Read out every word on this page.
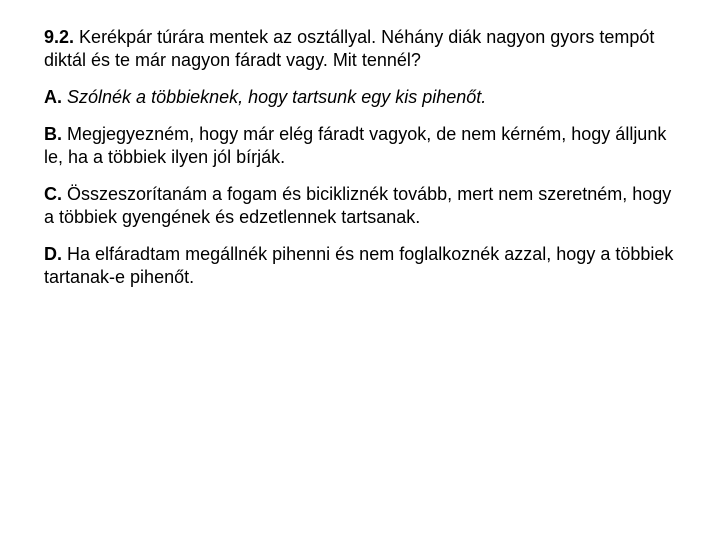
9.2. Kerékpár túrára mentek az osztállyal. Néhány diák nagyon gyors tempót diktál és te már nagyon fáradt vagy. Mit tennél?

A. Szólnék a többieknek, hogy tartsunk egy kis pihenőt.

B. Megjegyezném, hogy már elég fáradt vagyok, de nem kérném, hogy álljunk le, ha a többiek ilyen jól bírják.

C. Összeszorítanám a fogam és bicikliznék tovább, mert nem szeretném, hogy a többiek gyengének és edzetlennek tartsanak.

D. Ha elfáradtam megállnék pihenni és nem foglalkoznék azzal, hogy a többiek tartanak-e pihenőt.
